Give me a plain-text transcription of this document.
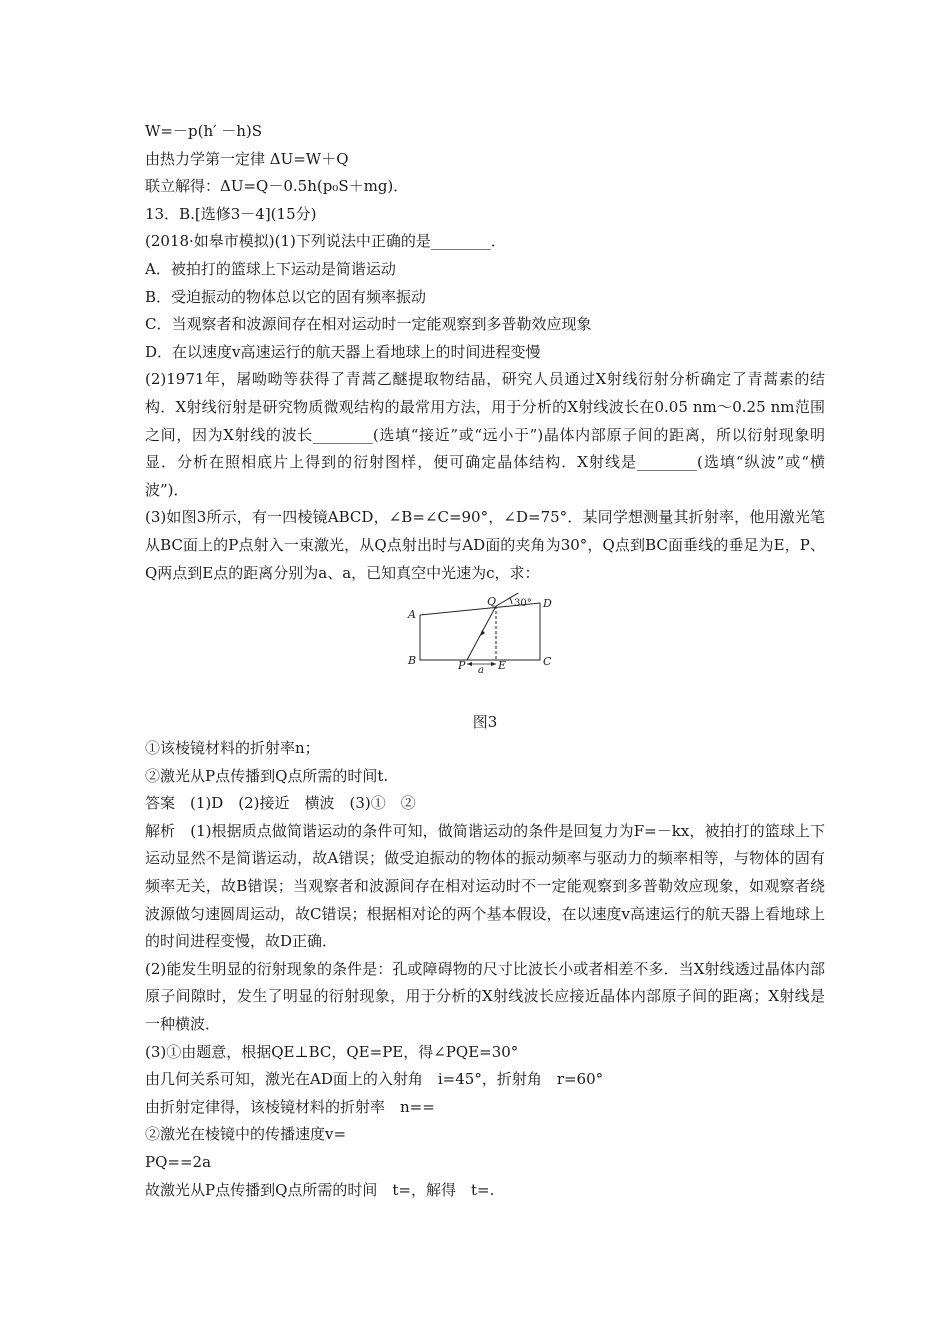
W=－p(h′ －h)S
由热力学第一定律 ΔU=W＋Q
联立解得：ΔU=Q－0.5h(p₀S＋mg)．
13．B.[选修3－4](15分)
(2018·如皋市模拟)(1)下列说法中正确的是________．
A．被拍打的篮球上下运动是简谐运动
B．受迫振动的物体总以它的固有频率振动
C．当观察者和波源间存在相对运动时一定能观察到多普勒效应现象
D．在以速度v高速运行的航天器上看地球上的时间进程变慢
(2)1971年，屠呦呦等获得了青蒿乙醚提取物结晶，研究人员通过X射线衍射分析确定了青蒿素的结构．X射线衍射是研究物质微观结构的最常用方法，用于分析的X射线波长在0.05 nm～0.25 nm范围之间，因为X射线的波长________(选填“接近”或“远小于”)晶体内部原子间的距离，所以衍射现象明显．分析在照相底片上得到的衍射图样，便可确定晶体结构．X射线是________(选填“纵波”或“横波”)．
(3)如图3所示，有一四棱镜ABCD，∠B=∠C=90°，∠D=75°．某同学想测量其折射率，他用激光笔从BC面上的P点射入一束激光，从Q点射出时与AD面的夹角为30°，Q点到BC面垂线的垂足为E，P、Q两点到E点的距离分别为a、a，已知真空中光速为c，求：
A
B	C
D
P
Q
E
a
30°
图3
①该棱镜材料的折射率n；
②激光从P点传播到Q点所需的时间t.
答案　(1)D　(2)接近　横波　(3)①　②
解析　(1)根据质点做简谐运动的条件可知，做简谐运动的条件是回复力为F=－kx，被拍打的篮球上下运动显然不是简谐运动，故A错误；做受迫振动的物体的振动频率与驱动力的频率相等，与物体的固有频率无关，故B错误；当观察者和波源间存在相对运动时不一定能观察到多普勒效应现象，如观察者绕波源做匀速圆周运动，故C错误；根据相对论的两个基本假设，在以速度v高速运行的航天器上看地球上的时间进程变慢，故D正确．
(2)能发生明显的衍射现象的条件是：孔或障碍物的尺寸比波长小或者相差不多．当X射线透过晶体内部原子间隙时，发生了明显的衍射现象，用于分析的X射线波长应接近晶体内部原子间的距离；X射线是一种横波．
(3)①由题意，根据QE⊥BC，QE=PE，得∠PQE=30°
由几何关系可知，激光在AD面上的入射角　i=45°，折射角　r=60°
由折射定律得，该棱镜材料的折射率　n==
②激光在棱镜中的传播速度v=
PQ==2a
故激光从P点传播到Q点所需的时间　t=，解得　t=.
